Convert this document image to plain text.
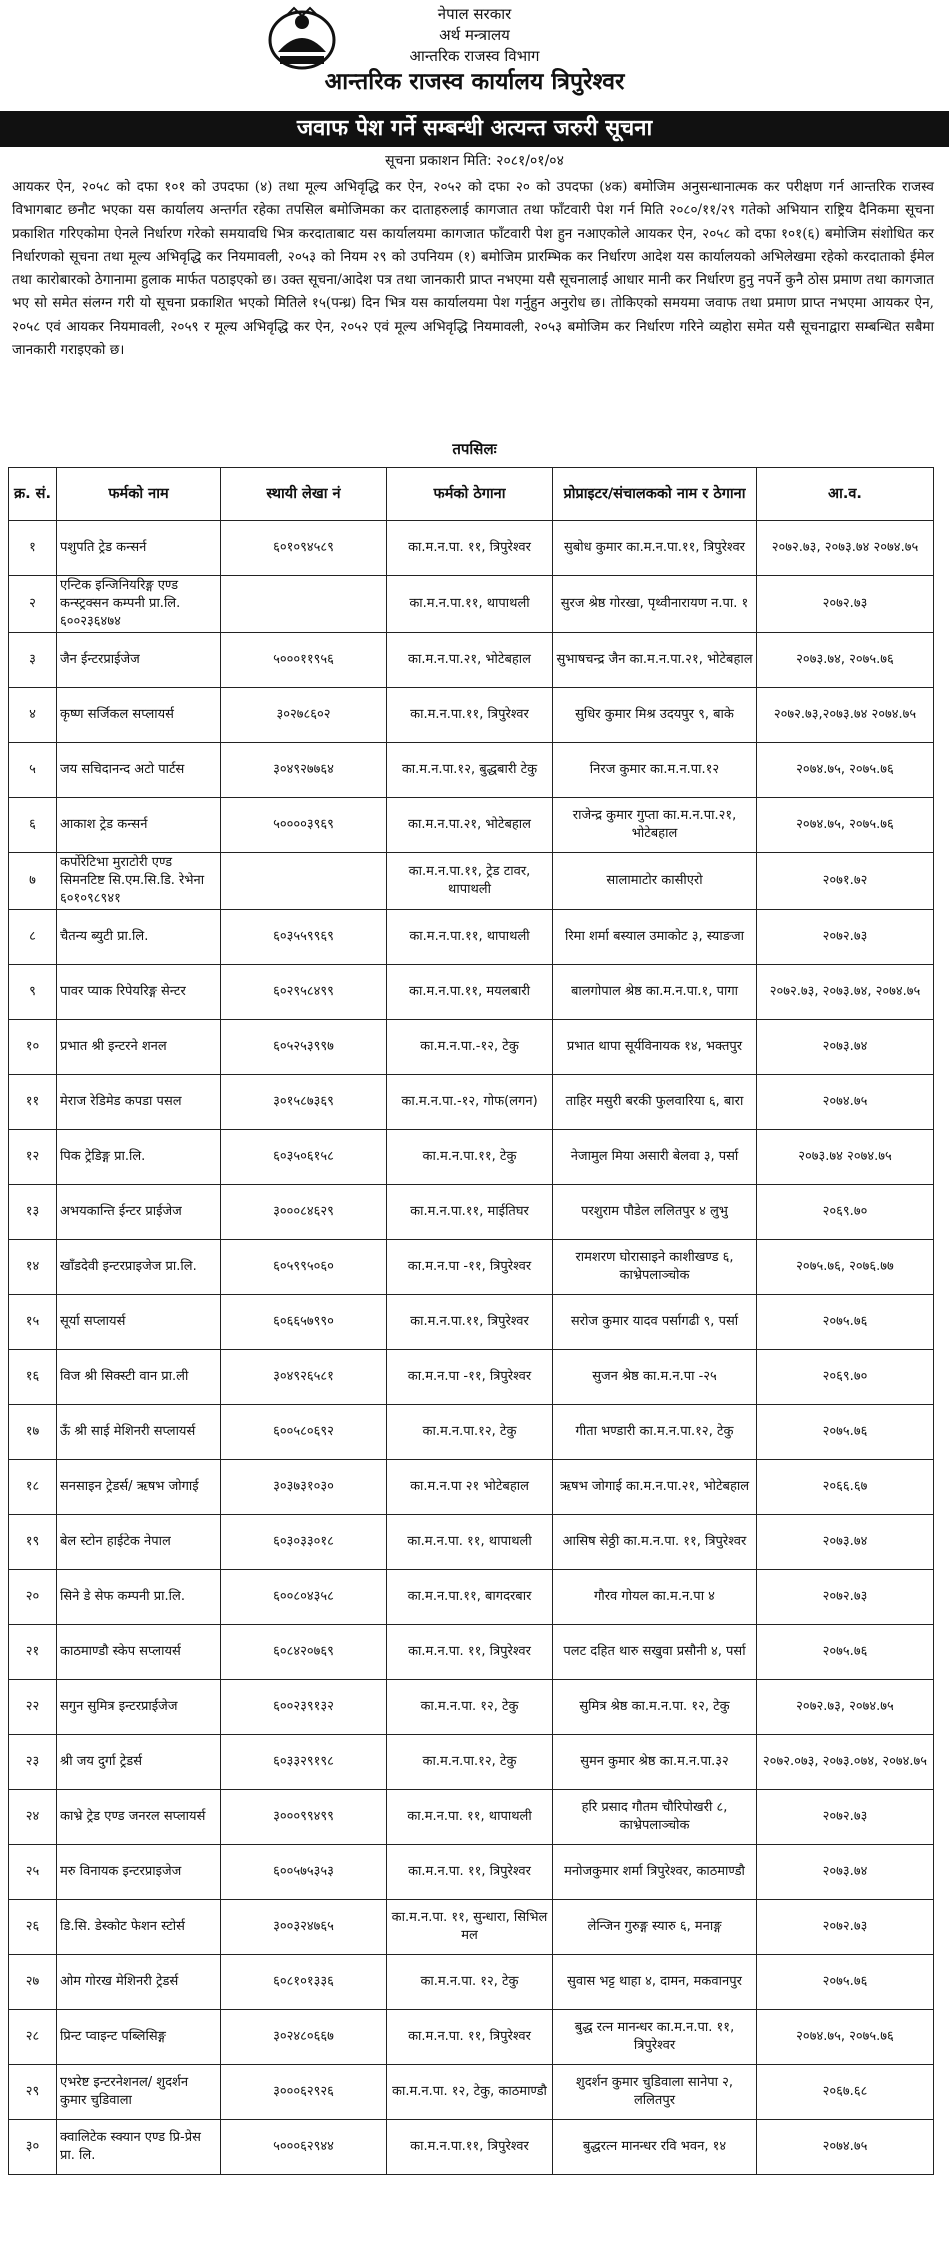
नेपाल सरकार
अर्थ मन्त्रालय
आन्तरिक राजस्व विभाग
आन्तरिक राजस्व कार्यालय त्रिपुरेश्वर
जवाफ पेश गर्ने सम्बन्धी अत्यन्त जरुरी सूचना
सूचना प्रकाशन मिति: २०८१/०१/०४
आयकर ऐन, २०५८ को दफा १०१ को उपदफा (४) तथा मूल्य अभिवृद्धि कर ऐन, २०५२ को दफा २० को उपदफा (४क) बमोजिम अनुसन्धानात्मक कर परीक्षण गर्न आन्तरिक राजस्व विभागबाट छनौट भएका यस कार्यालय अन्तर्गत रहेका तपसिल बमोजिमका कर दाताहरुलाई कागजात तथा फाँटवारी पेश गर्न मिति २०८०/११/२९ गतेको अभियान राष्ट्रिय दैनिकमा सूचना प्रकाशित गरिएकोमा ऐनले निर्धारण गरेको समयावधि भित्र करदाताबाट यस कार्यालयमा कागजात फाँटवारी पेश हुन नआएकोले आयकर ऐन, २०५८ को दफा १०१(६) बमोजिम संशोधित कर निर्धारणको सूचना तथा मूल्य अभिवृद्धि कर नियमावली, २०५३ को नियम २९ को उपनियम (१) बमोजिम प्रारम्भिक कर निर्धारण आदेश यस कार्यालयको अभिलेखमा रहेको करदाताको ईमेल तथा कारोबारको ठेगानामा हुलाक मार्फत पठाइएको छ। उक्त सूचना/आदेश पत्र तथा जानकारी प्राप्त नभएमा यसै सूचनालाई आधार मानी कर निर्धारण हुनु नपर्ने कुनै ठोस प्रमाण तथा कागजात भए सो समेत संलग्न गरी यो सूचना प्रकाशित भएको मितिले १५(पन्ध्र) दिन भित्र यस कार्यालयमा पेश गर्नुहुन अनुरोध छ। तोकिएको समयमा जवाफ तथा प्रमाण प्राप्त नभएमा आयकर ऐन, २०५८ एवं आयकर नियमावली, २०५९ र मूल्य अभिवृद्धि कर ऐन, २०५२ एवं मूल्य अभिवृद्धि नियमावली, २०५३ बमोजिम कर निर्धारण गरिने व्यहोरा समेत यसै सूचनाद्वारा सम्बन्धित सबैमा जानकारी गराइएको छ।
तपसिलः
क्र. सं.	फर्मको नाम	स्थायी लेखा नं	फर्मको ठेगाना	प्रोप्राइटर/संचालकको नाम र ठेगाना	आ.व.
१	पशुपति ट्रेड कन्सर्न	६०१०९४५८९	का.म.न.पा. ११, त्रिपुरेश्वर	सुबोध कुमार का.म.न.पा.११, त्रिपुरेश्वर	२०७२.७३, २०७३.७४ २०७४.७५
२	एन्टिक इन्जिनियरिङ्ग एण्ड कन्स्ट्रक्सन कम्पनी प्रा.लि. ६००२३६४७४		का.म.न.पा.११, थापाथली	सुरज श्रेष्ठ गोरखा, पृथ्वीनारायण न.पा. १	२०७२.७३
३	जैन ईन्टरप्राईजेज	५०००११९५६	का.म.न.पा.२१, भोटेबहाल	सुभाषचन्द्र जैन का.म.न.पा.२१, भोटेबहाल	२०७३.७४, २०७५.७६
४	कृष्ण सर्जिकल सप्लायर्स	३०२७८६०२	का.म.न.पा.११, त्रिपुरेश्वर	सुधिर कुमार मिश्र उदयपुर ९, बाके	२०७२.७३,२०७३.७४ २०७४.७५
५	जय सचिदानन्द अटो पार्टस	३०४९२७७६४	का.म.न.पा.१२, बुद्धबारी टेकु	निरज कुमार का.म.न.पा.१२	२०७४.७५, २०७५.७६
६	आकाश ट्रेड कन्सर्न	५००००३९६९	का.म.न.पा.२१, भोटेबहाल	राजेन्द्र कुमार गुप्ता का.म.न.पा.२१, भोटेबहाल	२०७४.७५, २०७५.७६
७	कर्पोरेटिभा मुराटोरी एण्ड सिमनटिष्ट सि.एम.सि.डि. रेभेना ६०१०९८९४१		का.म.न.पा.११, ट्रेड टावर, थापाथली	सालामाटोर कासीएरो	२०७१.७२
८	चैतन्य ब्युटी प्रा.लि.	६०३५५९९६९	का.म.न.पा.११, थापाथली	रिमा शर्मा बस्याल उमाकोट ३, स्याङजा	२०७२.७३
९	पावर प्याक रिपेयरिङ्ग सेन्टर	६०२९५८४९९	का.म.न.पा.११, मयलबारी	बालगोपाल श्रेष्ठ का.म.न.पा.१, पागा	२०७२.७३, २०७३.७४, २०७४.७५
१०	प्रभात श्री इन्टरने शनल	६०५२५३९९७	का.म.न.पा.-१२, टेकु	प्रभात थापा सूर्यविनायक १४, भक्तपुर	२०७३.७४
११	मेराज रेडिमेड कपडा पसल	३०१५८७३६९	का.म.न.पा.-१२, गोफ(लगन)	ताहिर मसुरी बरकी फुलवारिया ६, बारा	२०७४.७५
१२	पिक ट्रेडिङ्ग प्रा.लि.	६०३५०६१५८	का.म.न.पा.११, टेकु	नेजामुल मिया असारी बेलवा ३, पर्सा	२०७३.७४ २०७४.७५
१३	अभयकान्ति ईन्टर प्राईजेज	३०००८४६२९	का.म.न.पा.११, माईतिघर	परशुराम पौडेल ललितपुर ४ लुभु	२०६९.७०
१४	खाँडदेवी इन्टरप्राइजेज प्रा.लि.	६०५९९५०६०	का.म.न.पा -११, त्रिपुरेश्वर	रामशरण घोरासाइने काशीखण्ड ६, काभ्रेपलाञ्चोक	२०७५.७६, २०७६.७७
१५	सूर्या सप्लायर्स	६०६६५७९९०	का.म.न.पा.११, त्रिपुरेश्वर	सरोज कुमार यादव पर्सागढी ९, पर्सा	२०७५.७६
१६	विज श्री सिक्स्टी वान प्रा.ली	३०४९२६५८१	का.म.न.पा -११, त्रिपुरेश्वर	सुजन श्रेष्ठ का.म.न.पा -२५	२०६९.७०
१७	ऊँ श्री साई मेशिनरी सप्लायर्स	६००५८०६९२	का.म.न.पा.१२, टेकु	गीता भण्डारी का.म.न.पा.१२, टेकु	२०७५.७६
१८	सनसाइन ट्रेडर्स/ ऋषभ जोगाई	३०३७३१०३०	का.म.न.पा २१ भोटेबहाल	ऋषभ जोगाई का.म.न.पा.२१, भोटेबहाल	२०६६.६७
१९	बेल स्टोन हाईटेक नेपाल	६०३०३३०१८	का.म.न.पा. ११, थापाथली	आसिष सेठ्ठी का.म.न.पा. ११, त्रिपुरेश्वर	२०७३.७४
२०	सिने डे सेफ कम्पनी प्रा.लि.	६००८०४३५८	का.म.न.पा.११, बागदरबार	गौरव गोयल का.म.न.पा ४	२०७२.७३
२१	काठमाण्डौ स्केप सप्लायर्स	६०८४२०७६९	का.म.न.पा. ११, त्रिपुरेश्वर	पलट दहित थारु सखुवा प्रसौनी ४, पर्सा	२०७५.७६
२२	सगुन सुमित्र इन्टरप्राईजेज	६००२३९१३२	का.म.न.पा. १२, टेकु	सुमित्र श्रेष्ठ का.म.न.पा. १२, टेकु	२०७२.७३, २०७४.७५
२३	श्री जय दुर्गा ट्रेडर्स	६०३३२९१९८	का.म.न.पा.१२, टेकु	सुमन कुमार श्रेष्ठ का.म.न.पा.३२	२०७२.०७३, २०७३.०७४, २०७४.७५
२४	काभ्रे ट्रेड एण्ड जनरल सप्लायर्स	३०००९९४९९	का.म.न.पा. ११, थापाथली	हरि प्रसाद गौतम चौरिपोखरी ८, काभ्रेपलाञ्चोक	२०७२.७३
२५	मरु विनायक इन्टरप्राइजेज	६००५७५३५३	का.म.न.पा. ११, त्रिपुरेश्वर	मनोजकुमार शर्मा त्रिपुरेश्वर, काठमाण्डौ	२०७३.७४
२६	डि.सि. डेस्कोट फेशन स्टोर्स	३००३२४७६५	का.म.न.पा. ११, सुन्धारा, सिभिल मल	लेन्जिन गुरुङ्ग स्यारु ६, मनाङ्ग	२०७२.७३
२७	ओम गोरख मेशिनरी ट्रेडर्स	६०८१०१३३६	का.म.न.पा. १२, टेकु	सुवास भट्ट थाहा ४, दामन, मकवानपुर	२०७५.७६
२८	प्रिन्ट प्वाइन्ट पब्लिसिङ्ग	३०२४८०६६७	का.म.न.पा. ११, त्रिपुरेश्वर	बुद्ध रत्न मानन्धर का.म.न.पा. ११, त्रिपुरेश्वर	२०७४.७५, २०७५.७६
२९	एभरेष्ट इन्टरनेशनल/ शुदर्शन कुमार चुडिवाला	३०००६२९२६	का.म.न.पा. १२, टेकु, काठमाण्डौ	शुदर्शन कुमार चुडिवाला सानेपा २, ललितपुर	२०६७.६८
३०	क्वालिटेक स्क्यान एण्ड प्रि-प्रेस प्रा. लि.	५०००६२९४४	का.म.न.पा.११, त्रिपुरेश्वर	बुद्धरत्न मानन्धर रवि भवन, १४	२०७४.७५
